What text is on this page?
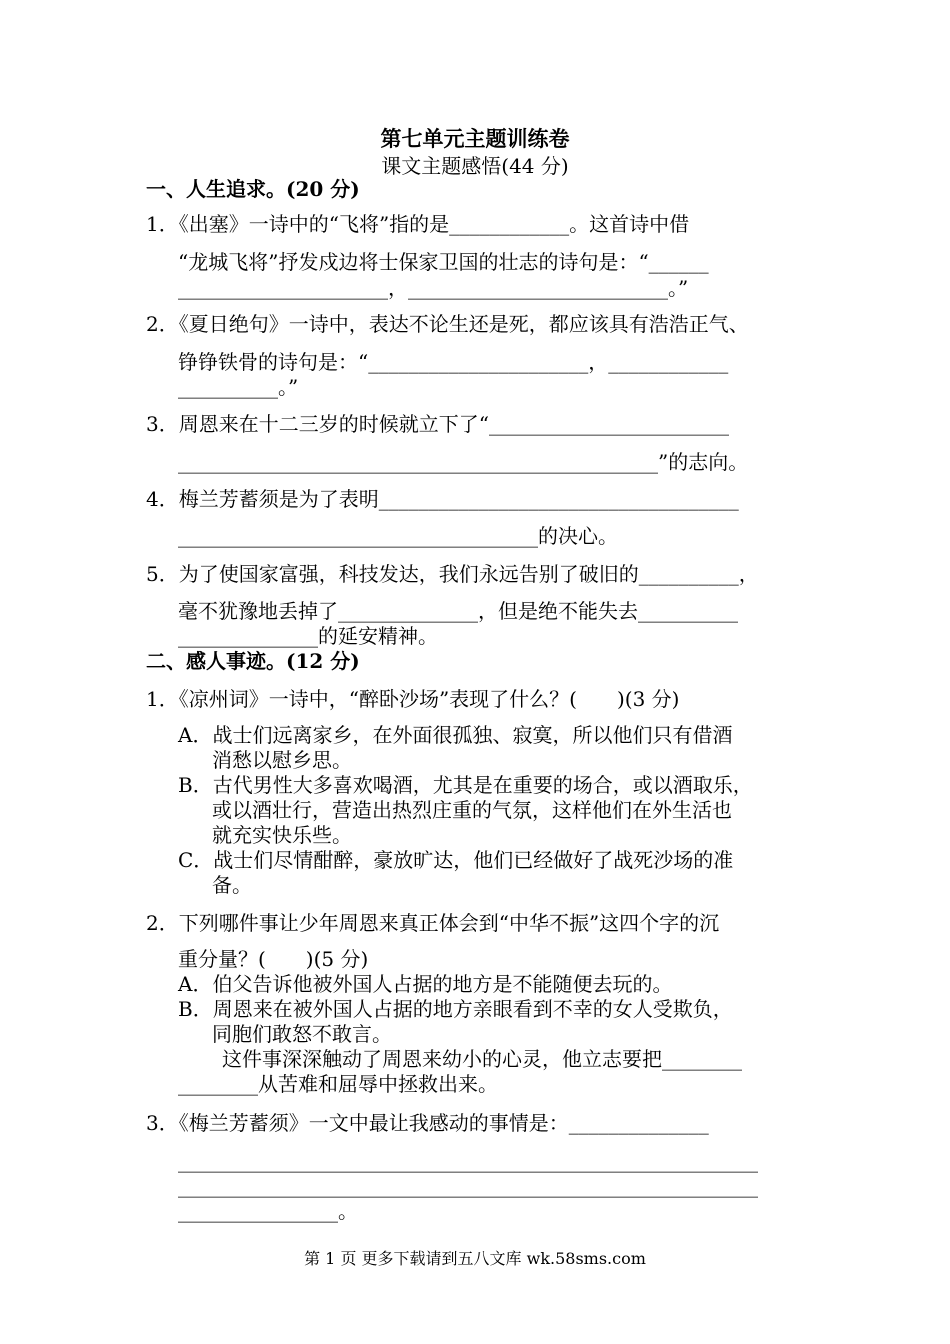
第七单元主题训练卷
课文主题感悟(44 分)
一、人生追求。(20 分)
1．《出塞》一诗中的“飞将”指的是____________。这首诗中借
“龙城飞将”抒发戍边将士保家卫国的壮志的诗句是：“______
_____________________，__________________________。”
2．《夏日绝句》一诗中，表达不论生还是死，都应该具有浩浩正气、
铮铮铁骨的诗句是：“______________________，____________
__________。”
3．周恩来在十二三岁的时候就立下了“________________________
________________________________________________”的志向。
4．梅兰芳蓄须是为了表明____________________________________
____________________________________的决心。
5．为了使国家富强，科技发达，我们永远告别了破旧的__________，
毫不犹豫地丢掉了______________，但是绝不能失去__________
______________的延安精神。
二、感人事迹。(12 分)
1．《凉州词》一诗中，“醉卧沙场”表现了什么？(　　)(3 分)
A．战士们远离家乡，在外面很孤独、寂寞，所以他们只有借酒
消愁以慰乡思。
B．古代男性大多喜欢喝酒，尤其是在重要的场合，或以酒取乐，
或以酒壮行，营造出热烈庄重的气氛，这样他们在外生活也
就充实快乐些。
C．战士们尽情酣醉，豪放旷达，他们已经做好了战死沙场的准
备。
2．下列哪件事让少年周恩来真正体会到“中华不振”这四个字的沉
重分量？(　　)(5 分)
A．伯父告诉他被外国人占据的地方是不能随便去玩的。
B．周恩来在被外国人占据的地方亲眼看到不幸的女人受欺负，
同胞们敢怒不敢言。
这件事深深触动了周恩来幼小的心灵，他立志要把________
________从苦难和屈辱中拯救出来。
3．《梅兰芳蓄须》一文中最让我感动的事情是：______________
__________________________________________________________
__________________________________________________________
________________。
第 1 页 更多下载请到五八文库 wk.58sms.com
